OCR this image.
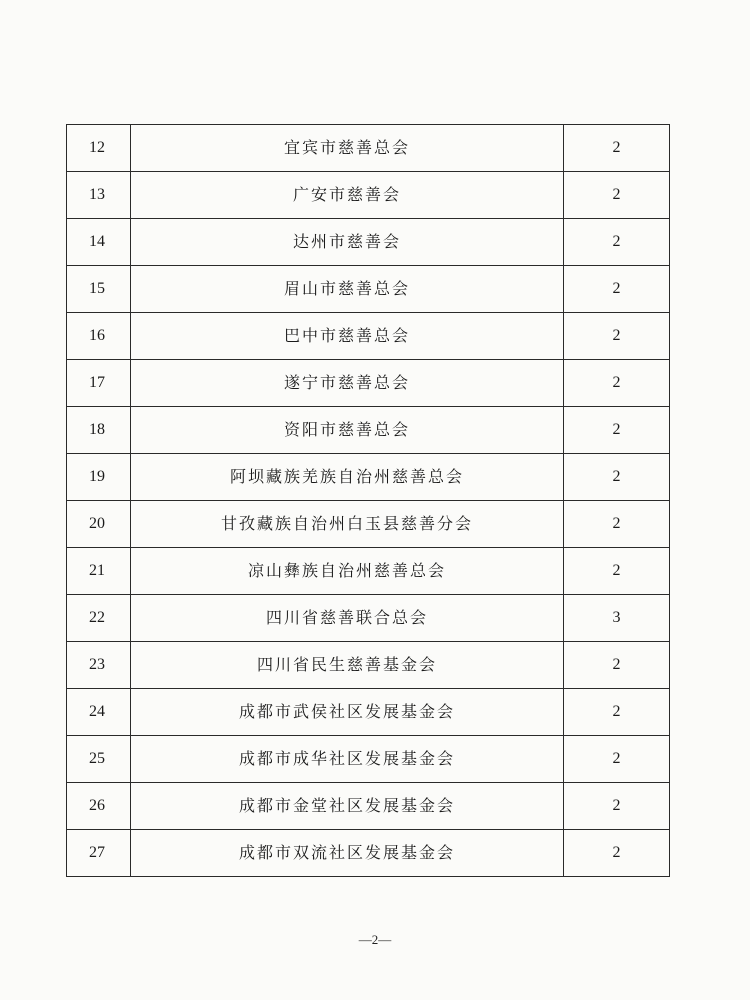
12	宜宾市慈善总会	2
13	广安市慈善会	2
14	达州市慈善会	2
15	眉山市慈善总会	2
16	巴中市慈善总会	2
17	遂宁市慈善总会	2
18	资阳市慈善总会	2
19	阿坝藏族羌族自治州慈善总会	2
20	甘孜藏族自治州白玉县慈善分会	2
21	凉山彝族自治州慈善总会	2
22	四川省慈善联合总会	3
23	四川省民生慈善基金会	2
24	成都市武侯社区发展基金会	2
25	成都市成华社区发展基金会	2
26	成都市金堂社区发展基金会	2
27	成都市双流社区发展基金会	2
—2—
